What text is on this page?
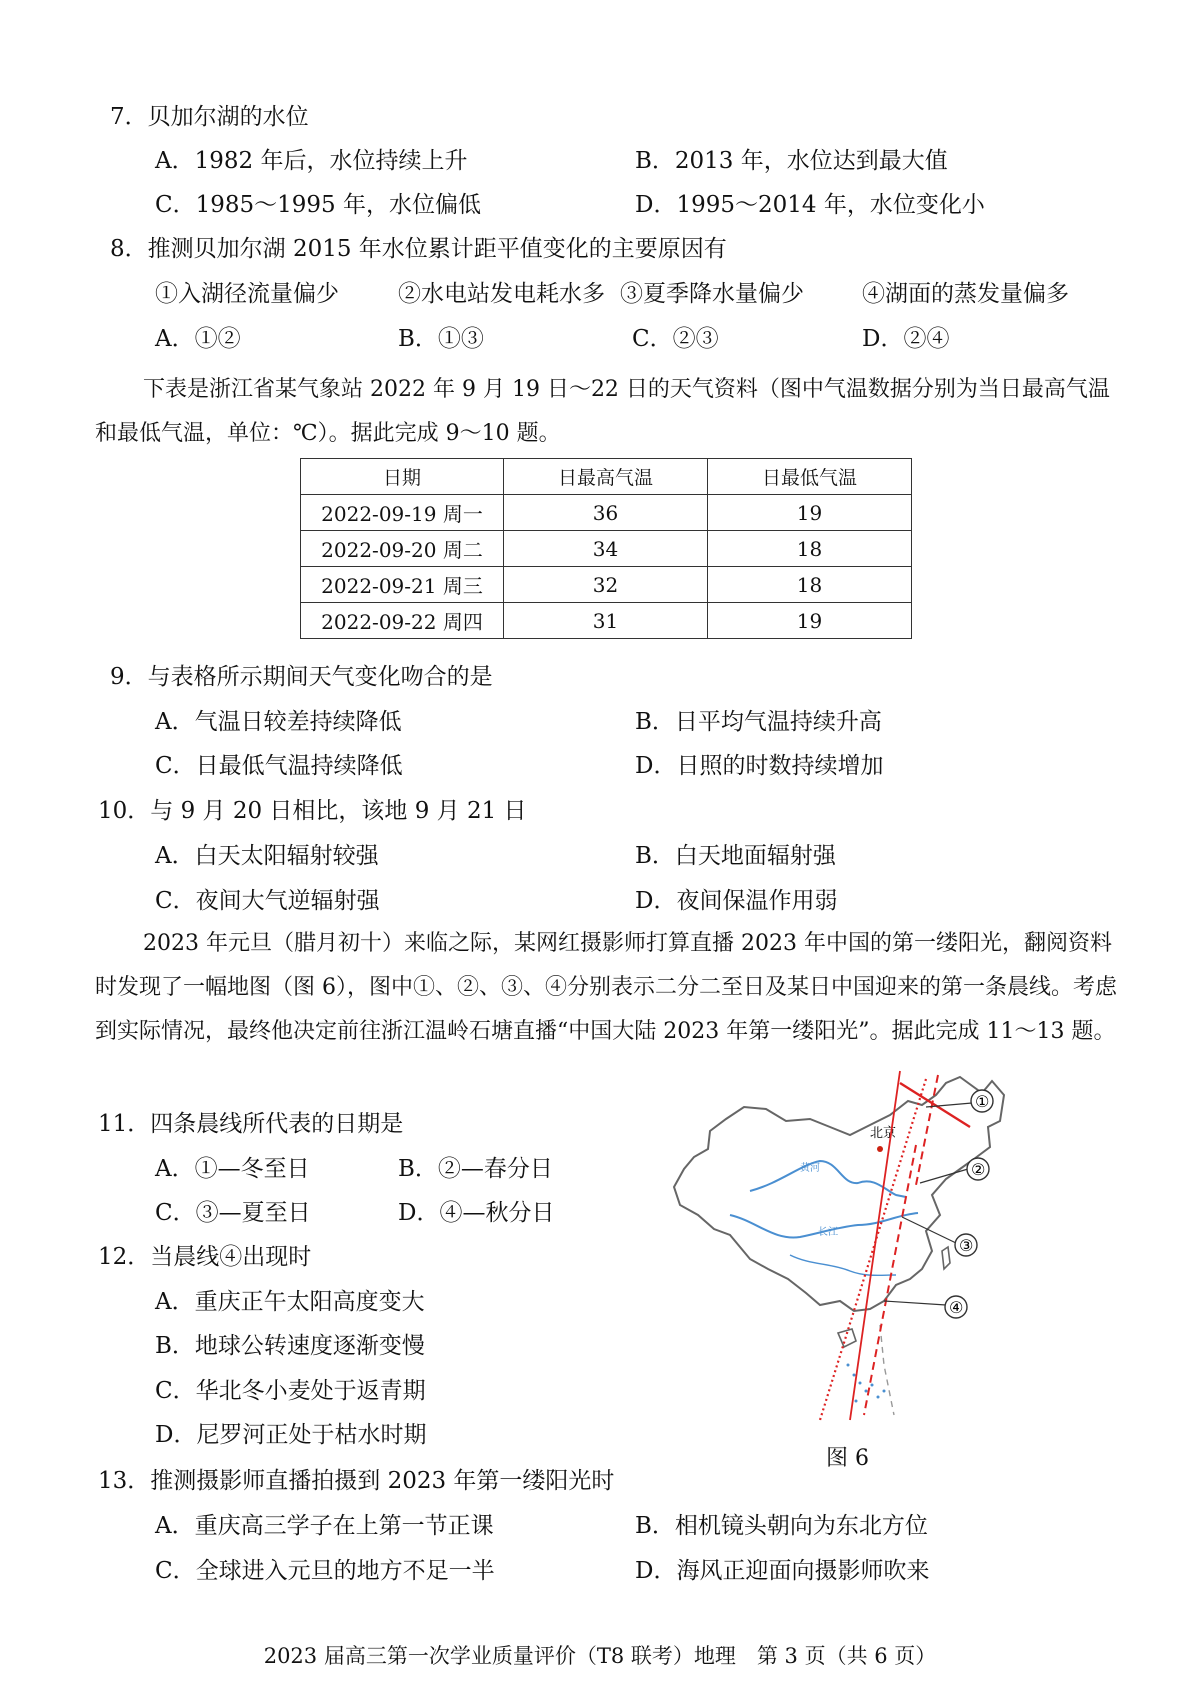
7．贝加尔湖的水位
A．1982 年后，水位持续上升	B．2013 年，水位达到最大值
C．1985～1995 年，水位偏低	D．1995～2014 年，水位变化小
8．推测贝加尔湖 2015 年水位累计距平值变化的主要原因有
①入湖径流量偏少	②水电站发电耗水多 ③夏季降水量偏少	④湖面的蒸发量偏多
A．①②	B．①③	C．②③	D．②④
下表是浙江省某气象站 2022 年 9 月 19 日～22 日的天气资料（图中气温数据分别为当日最高气温和最低气温，单位：℃）。据此完成 9～10 题。
日期	日最高气温	日最低气温
2022-09-19 周一	36	19
2022-09-20 周二	34	18
2022-09-21 周三	32	18
2022-09-22 周四	31	19
9．与表格所示期间天气变化吻合的是
A．气温日较差持续降低	B．日平均气温持续升高
C．日最低气温持续降低	D．日照的时数持续增加
10．与 9 月 20 日相比，该地 9 月 21 日
A．白天太阳辐射较强	B．白天地面辐射强
C．夜间大气逆辐射强	D．夜间保温作用弱
2023 年元旦（腊月初十）来临之际，某网红摄影师打算直播 2023 年中国的第一缕阳光，翻阅资料时发现了一幅地图（图 6），图中①、②、③、④分别表示二分二至日及某日中国迎来的第一条晨线。考虑到实际情况，最终他决定前往浙江温岭石塘直播“中国大陆 2023 年第一缕阳光”。据此完成 11～13 题。
11．四条晨线所代表的日期是
A．①—冬至日	B．②—春分日
C．③—夏至日	D．④—秋分日
12．当晨线④出现时
A．重庆正午太阳高度变大
B．地球公转速度逐渐变慢
C．华北冬小麦处于返青期
D．尼罗河正处于枯水时期
13．推测摄影师直播拍摄到 2023 年第一缕阳光时
A．重庆高三学子在上第一节正课	B．相机镜头朝向为东北方位
C．全球进入元旦的地方不足一半	D．海风正迎面向摄影师吹来
北京
黄河
长江
①
②
③
④
图 6
2023 届高三第一次学业质量评价（T8 联考）地理　第 3 页（共 6 页）
